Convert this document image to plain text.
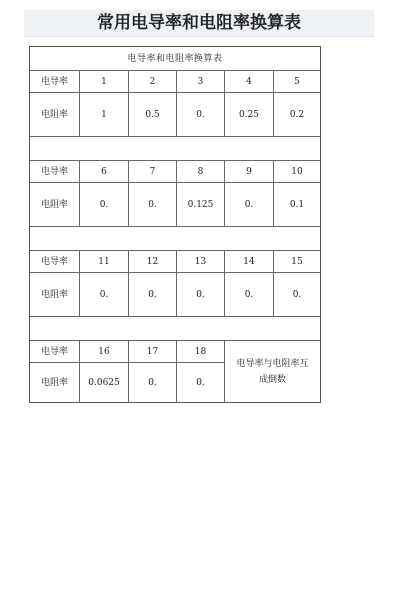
常用电导率和电阻率换算表
电导率和电阻率换算表
电导率	1	2	3	4	5
电阻率	1	0.5	0.	0.25	0.2
电导率	6	7	8	9	10
电阻率	0.	0.	0.125	0.	0.1
电导率	11	12	13	14	15
电阻率	0.	0.	0.	0.	0.
电导率	16	17	18
电阻率	0.0625	0.	0.
电导率与电阻率互成倒数
